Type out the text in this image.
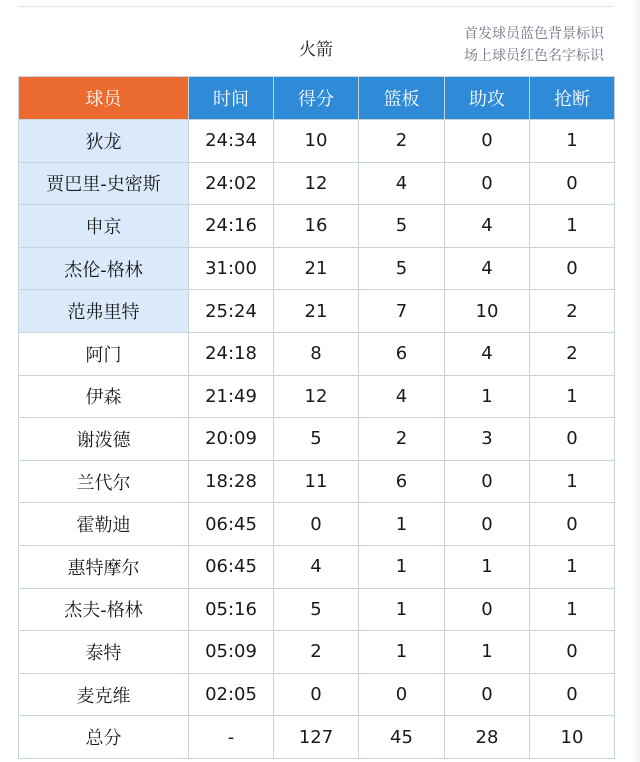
火箭
首发球员蓝色背景标识
场上球员红色名字标识
球员	时间	得分	篮板	助攻	抢断
狄龙	24:34	10	2	0	1
贾巴里-史密斯	24:02	12	4	0	0
申京	24:16	16	5	4	1
杰伦-格林	31:00	21	5	4	0
范弗里特	25:24	21	7	10	2
阿门	24:18	8	6	4	2
伊森	21:49	12	4	1	1
谢泼德	20:09	5	2	3	0
兰代尔	18:28	11	6	0	1
霍勒迪	06:45	0	1	0	0
惠特摩尔	06:45	4	1	1	1
杰夫-格林	05:16	5	1	0	1
泰特	05:09	2	1	1	0
麦克维	02:05	0	0	0	0
总分	-	127	45	28	10
